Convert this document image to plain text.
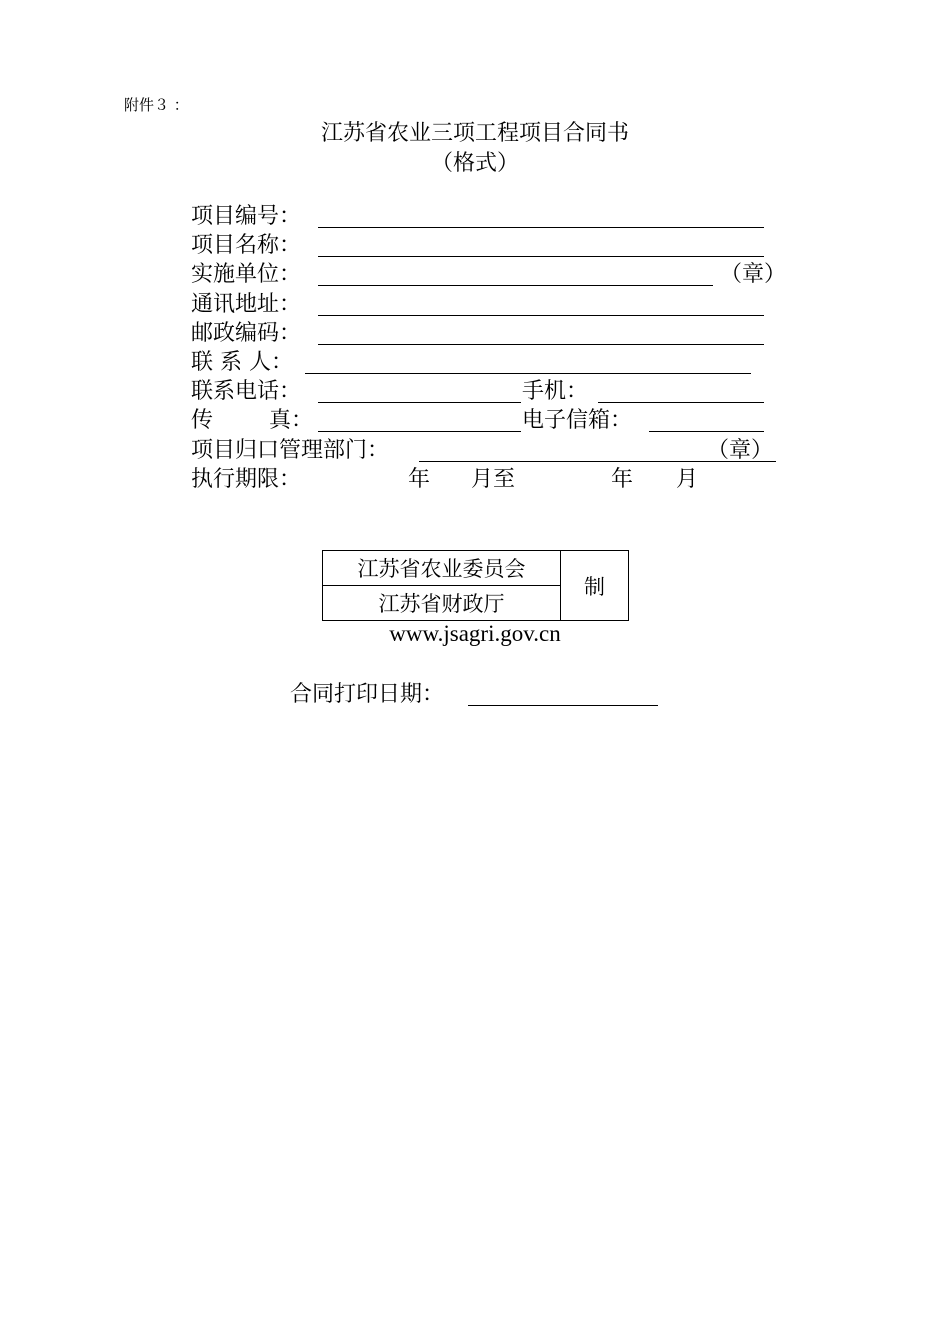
附件３ ：
江苏省农业三项工程项目合同书
（格式）
项目编号：
项目名称：
实施单位：	（章）
通讯地址：
邮政编码：
联 系 人：
联系电话：	手机：
传	真：	电子信箱：
项目归口管理部门：	（章）
执行期限：	年 月至	年 月
江苏省农业委员会	制
江苏省财政厅
www.jsagri.gov.cn
合同打印日期：
